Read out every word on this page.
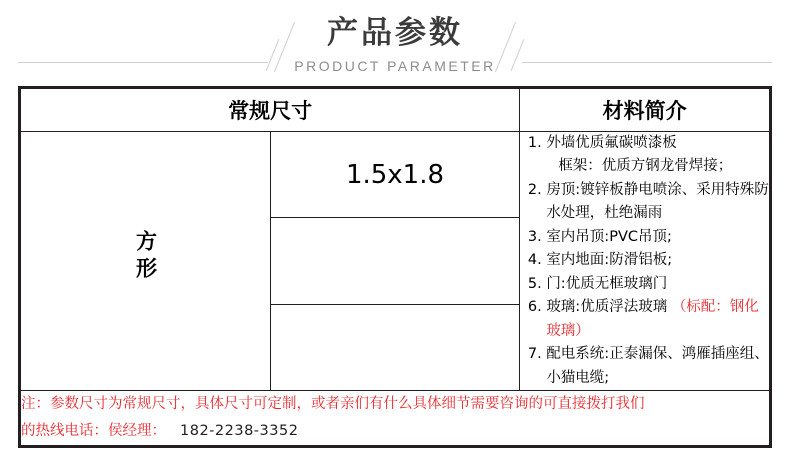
产品参数
PRODUCT PARAMETER
常规尺寸		材料简介
方形	1.5x1.8	
1. 外墙优质氟碳喷漆板
框架：优质方钢龙骨焊接；
2. 房顶:镀锌板静电喷涂、采用特殊防水处理，杜绝漏雨
3. 室内吊顶:PVC吊顶;
4. 室内地面:防滑铝板;
5. 门:优质无框玻璃门
6. 玻璃:优质浮法玻璃 （标配：钢化玻璃）
7. 配电系统:正泰漏保、鸿雁插座组、小猫电缆;

注：参数尺寸为常规尺寸，具体尺寸可定制，或者亲们有什么具体细节需要咨询的可直接拨打我们
的热线电话：侯经理： 182-2238-3352		
